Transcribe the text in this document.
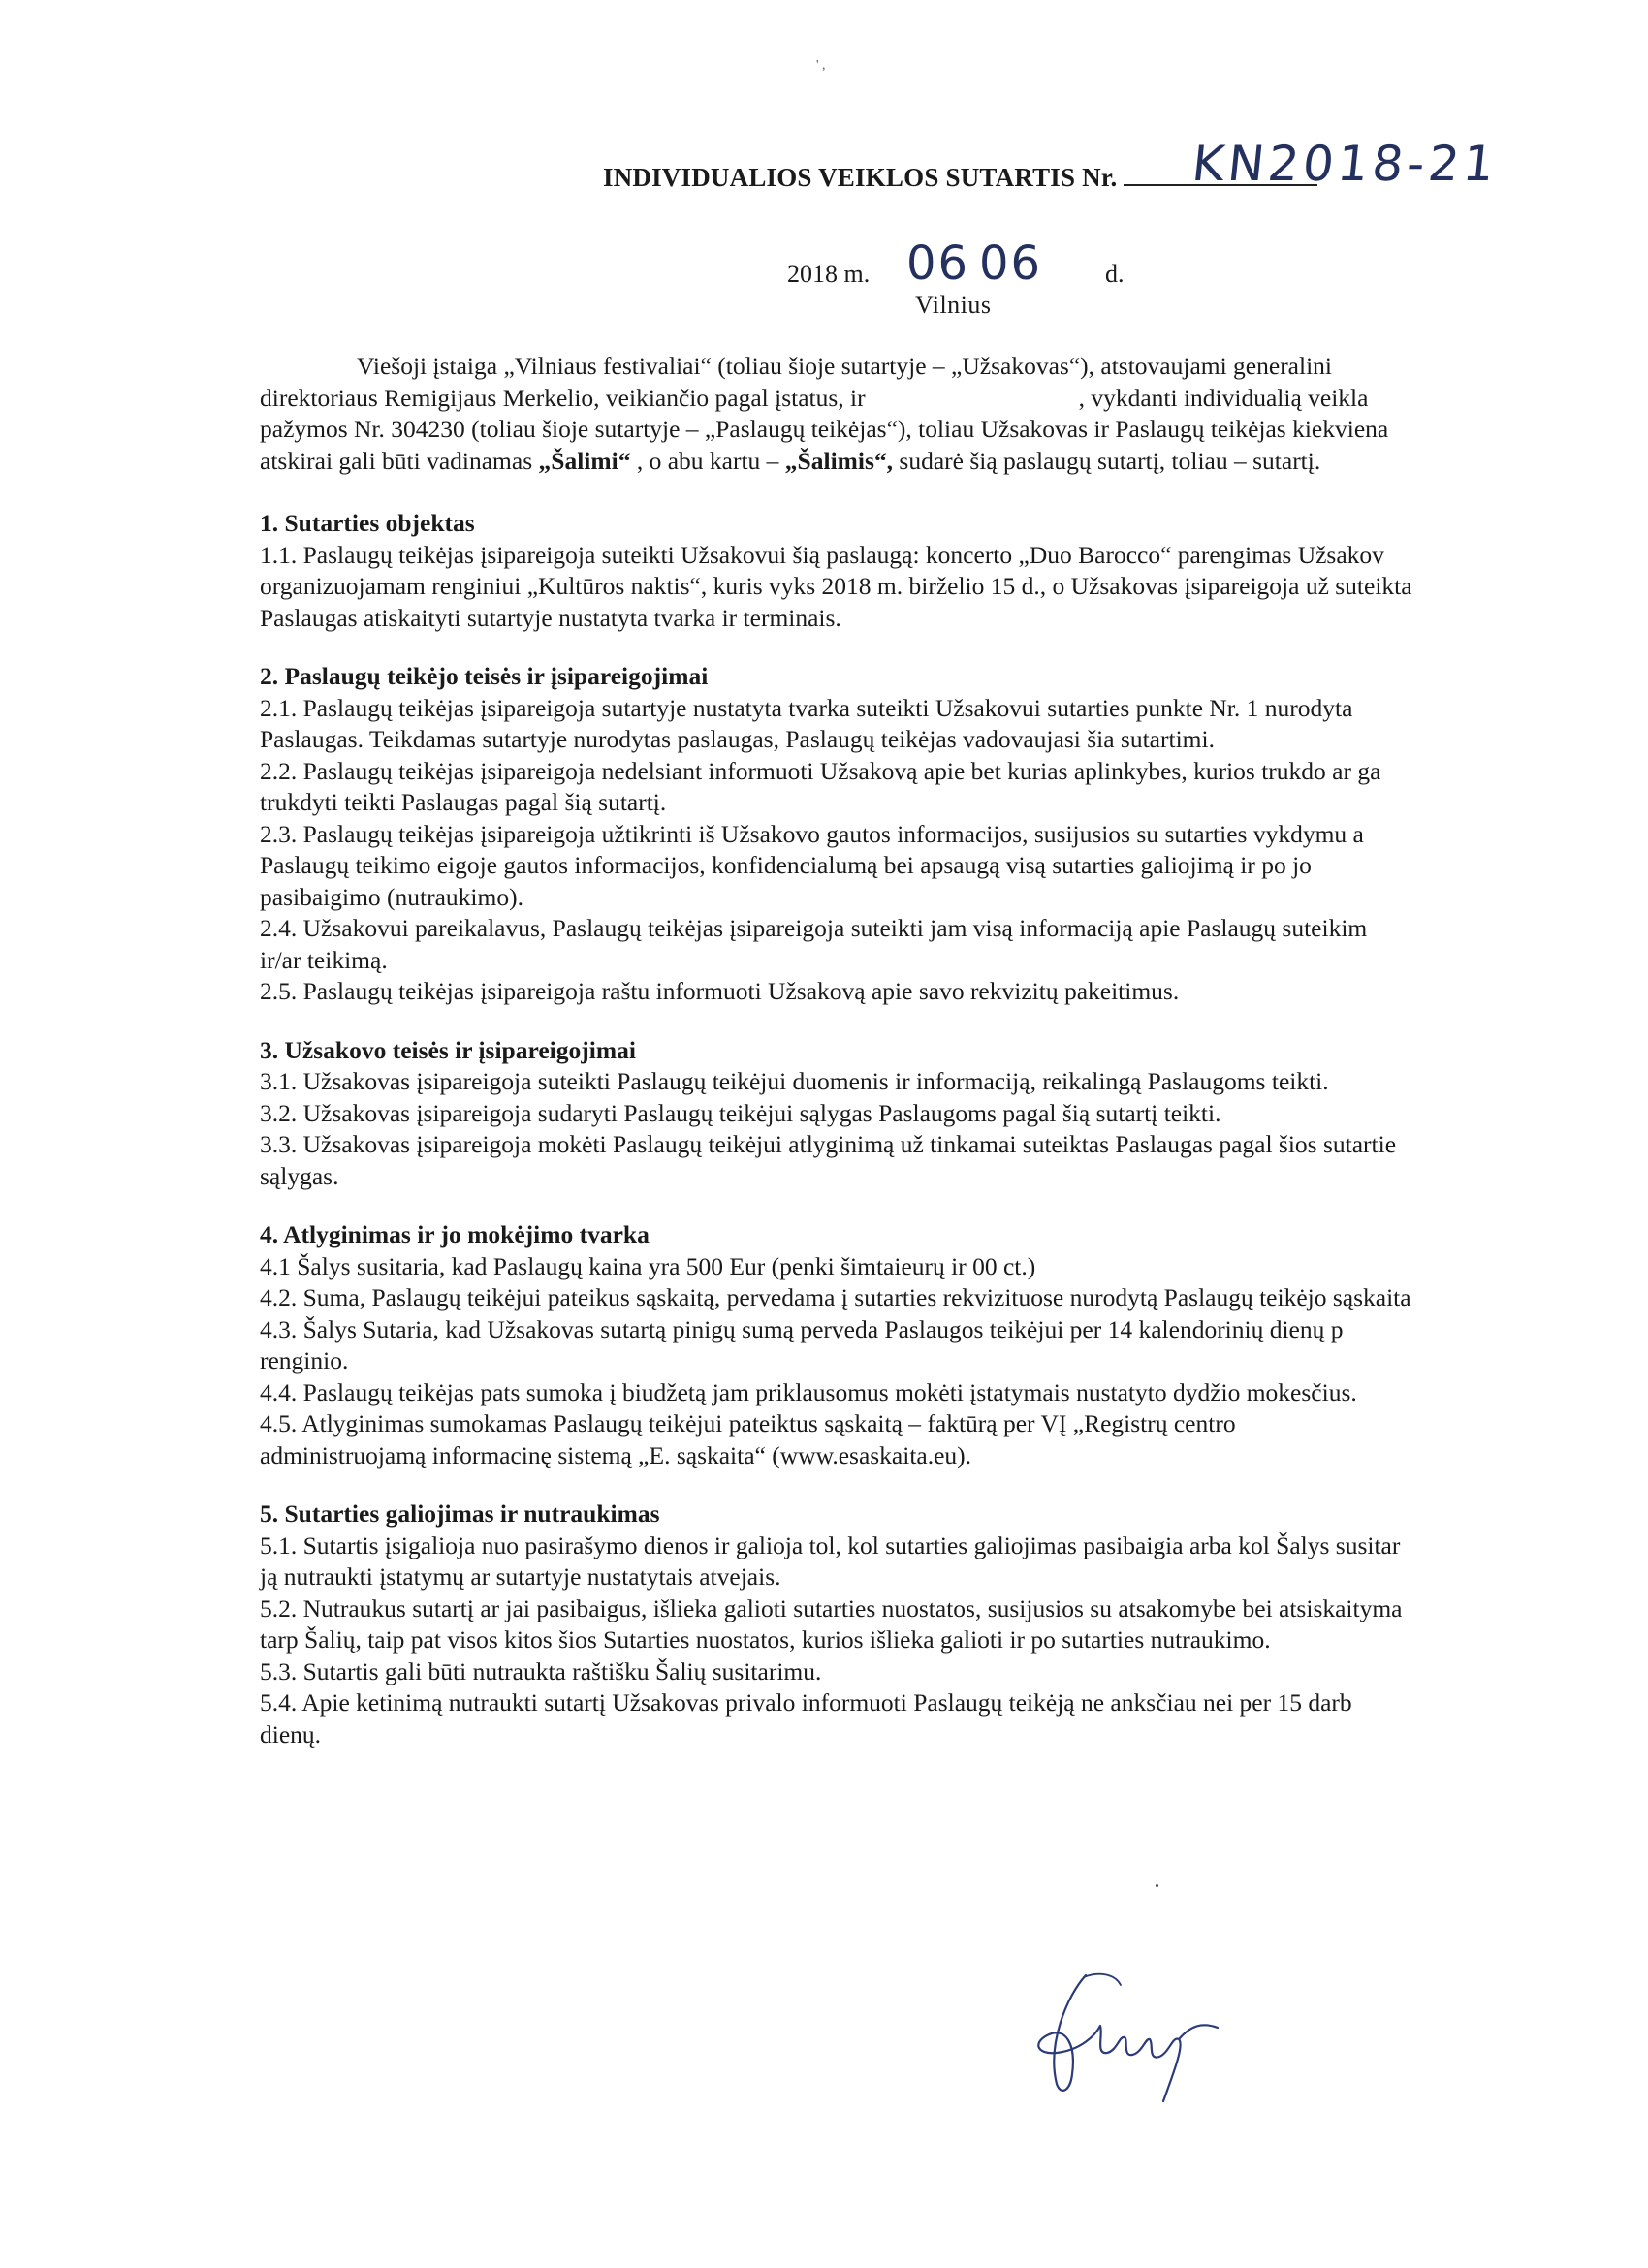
' ,
INDIVIDUALIOS VEIKLOS SUTARTIS Nr.	KN2018-21
2018 m. 06 06 d.
Vilnius
Viešoji įstaiga „Vilniaus festivaliai“ (toliau šioje sutartyje – „Užsakovas“), atstovaujami generalini
direktoriaus Remigijaus Merkelio, veikiančio pagal įstatus, ir	, vykdanti individualią veikla
pažymos Nr. 304230 (toliau šioje sutartyje – „Paslaugų teikėjas“), toliau Užsakovas ir Paslaugų teikėjas kiekviena
atskirai gali būti vadinamas „Šalimi“ , o abu kartu – „Šalimis“, sudarė šią paslaugų sutartį, toliau – sutartį.
1. Sutarties objektas
1.1. Paslaugų teikėjas įsipareigoja suteikti Užsakovui šią paslaugą: koncerto „Duo Barocco“ parengimas Užsakov
organizuojamam renginiui „Kultūros naktis“, kuris vyks 2018 m. birželio 15 d., o Užsakovas įsipareigoja už suteikta
Paslaugas atiskaityti sutartyje nustatyta tvarka ir terminais.
2. Paslaugų teikėjo teisės ir įsipareigojimai
2.1. Paslaugų teikėjas įsipareigoja sutartyje nustatyta tvarka suteikti Užsakovui sutarties punkte Nr. 1 nurodyta
Paslaugas. Teikdamas sutartyje nurodytas paslaugas, Paslaugų teikėjas vadovaujasi šia sutartimi.
2.2. Paslaugų teikėjas įsipareigoja nedelsiant informuoti Užsakovą apie bet kurias aplinkybes, kurios trukdo ar ga
trukdyti teikti Paslaugas pagal šią sutartį.
2.3. Paslaugų teikėjas įsipareigoja užtikrinti iš Užsakovo gautos informacijos, susijusios su sutarties vykdymu a
Paslaugų teikimo eigoje gautos informacijos, konfidencialumą bei apsaugą visą sutarties galiojimą ir po jo
pasibaigimo (nutraukimo).
2.4. Užsakovui pareikalavus, Paslaugų teikėjas įsipareigoja suteikti jam visą informaciją apie Paslaugų suteikim
ir/ar teikimą.
2.5. Paslaugų teikėjas įsipareigoja raštu informuoti Užsakovą apie savo rekvizitų pakeitimus.
3. Užsakovo teisės ir įsipareigojimai
3.1. Užsakovas įsipareigoja suteikti Paslaugų teikėjui duomenis ir informaciją, reikalingą Paslaugoms teikti.
3.2. Užsakovas įsipareigoja sudaryti Paslaugų teikėjui sąlygas Paslaugoms pagal šią sutartį teikti.
3.3. Užsakovas įsipareigoja mokėti Paslaugų teikėjui atlyginimą už tinkamai suteiktas Paslaugas pagal šios sutartie
sąlygas.
4. Atlyginimas ir jo mokėjimo tvarka
4.1 Šalys susitaria, kad Paslaugų kaina yra 500 Eur (penki šimtaieurų ir 00 ct.)
4.2. Suma, Paslaugų teikėjui pateikus sąskaitą, pervedama į sutarties rekvizituose nurodytą Paslaugų teikėjo sąskaita
4.3. Šalys Sutaria, kad Užsakovas sutartą pinigų sumą perveda Paslaugos teikėjui per 14 kalendorinių dienų p
renginio.
4.4. Paslaugų teikėjas pats sumoka į biudžetą jam priklausomus mokėti įstatymais nustatyto dydžio mokesčius.
4.5. Atlyginimas sumokamas Paslaugų teikėjui pateiktus sąskaitą – faktūrą per VĮ „Registrų centro
administruojamą informacinę sistemą „E. sąskaita“ (www.esaskaita.eu).
5. Sutarties galiojimas ir nutraukimas
5.1. Sutartis įsigalioja nuo pasirašymo dienos ir galioja tol, kol sutarties galiojimas pasibaigia arba kol Šalys susitar
ją nutraukti įstatymų ar sutartyje nustatytais atvejais.
5.2. Nutraukus sutartį ar jai pasibaigus, išlieka galioti sutarties nuostatos, susijusios su atsakomybe bei atsiskaityma
tarp Šalių, taip pat visos kitos šios Sutarties nuostatos, kurios išlieka galioti ir po sutarties nutraukimo.
5.3. Sutartis gali būti nutraukta raštišku Šalių susitarimu.
5.4. Apie ketinimą nutraukti sutartį Užsakovas privalo informuoti Paslaugų teikėją ne anksčiau nei per 15 darb
dienų.
